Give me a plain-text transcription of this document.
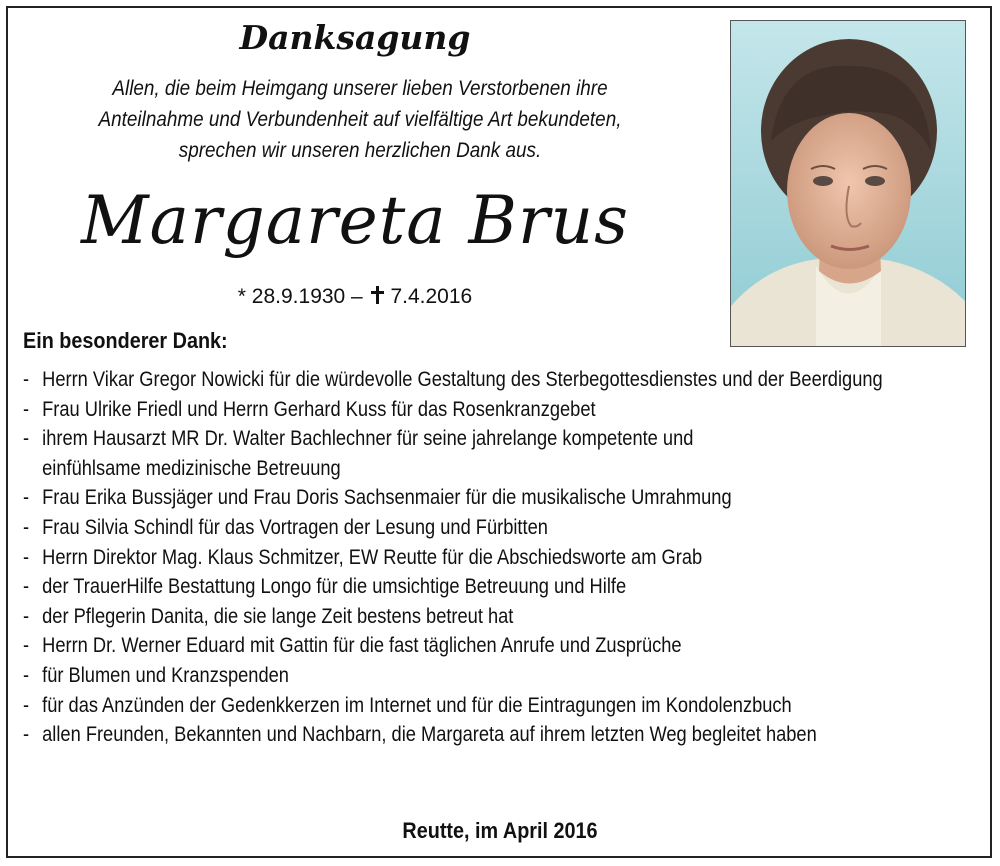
Danksagung
Allen, die beim Heimgang unserer lieben Verstorbenen ihre
Anteilnahme und Verbundenheit auf vielfältige Art bekundeten,
sprechen wir unseren herzlichen Dank aus.
Margareta Brus
* 28.9.1930 – 7.4.2016
Ein besonderer Dank:
- Herrn Vikar Gregor Nowicki für die würdevolle Gestaltung des Sterbegottesdienstes und der Beerdigung
- Frau Ulrike Friedl und Herrn Gerhard Kuss für das Rosenkranzgebet
- ihrem Hausarzt MR Dr. Walter Bachlechner für seine jahrelange kompetente und
einfühlsame medizinische Betreuung
- Frau Erika Bussjäger und Frau Doris Sachsenmaier für die musikalische Umrahmung
- Frau Silvia Schindl für das Vortragen der Lesung und Fürbitten
- Herrn Direktor Mag. Klaus Schmitzer, EW Reutte für die Abschiedsworte am Grab
- der TrauerHilfe Bestattung Longo für die umsichtige Betreuung und Hilfe
- der Pflegerin Danita, die sie lange Zeit bestens betreut hat
- Herrn Dr. Werner Eduard mit Gattin für die fast täglichen Anrufe und Zusprüche
- für Blumen und Kranzspenden
- für das Anzünden der Gedenkkerzen im Internet und für die Eintragungen im Kondolenzbuch
- allen Freunden, Bekannten und Nachbarn, die Margareta auf ihrem letzten Weg begleitet haben
Reutte, im April 2016
